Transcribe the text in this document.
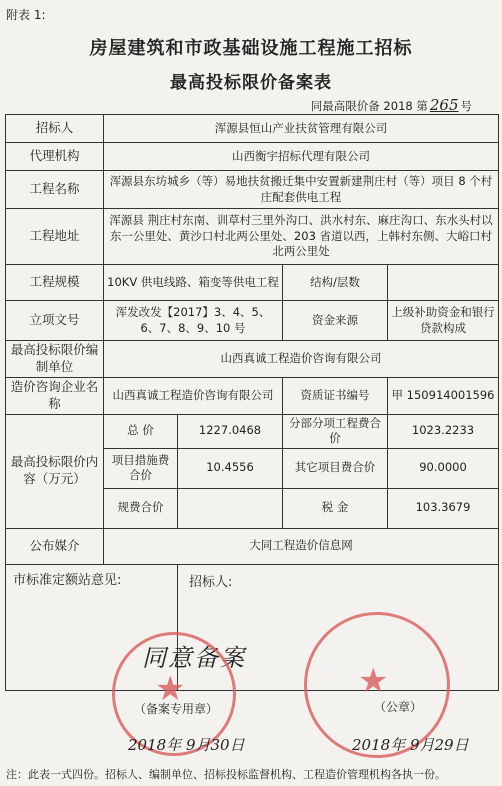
附表 1:
房屋建筑和市政基础设施工程施工招标
最高投标限价备案表
同最高限价备 2018 第 265 号
招标人	浑源县恒山产业扶贫管理有限公司			
代理机构	山西衡宇招标代理有限公司			
工程名称	浑源县东坊城乡（等）易地扶贫搬迁集中安置新建荆庄村（等）项目 8 个村庄配套供电工程			
工程地址	浑源县 荆庄村东南、训草村三里外沟口、洪水村东、麻庄沟口、东水头村以东一公里处、黄沙口村北两公里处、203 省道以西，上韩村东侧、大峪口村北两公里处			
工程规模	10KV 供电线路、箱变等供电工程		结构/层数	
立项文号	浑发改发【2017】3、4、5、6、7、8、9、10 号		资金来源	上级补助资金和银行贷款构成
最高投标限价编制单位	山西真诚工程造价咨询有限公司			
造价咨询企业名称	山西真诚工程造价咨询有限公司		资质证书编号	甲 150914001596
最高投标限价内容（万元）	总 价	1227.0468	分部分项工程费合价	1023.2233
	项目措施费合价	10.4556	其它项目费合价	90.0000
	规费合价		税 金	103.3679
公布媒介	大同工程造价信息网			

市标准定额站意见:		招标人:		
同意备案
★
（备案专用章）
2018年 9月30日
★
（公章）
2018年 9月29日
注：此表一式四份。招标人、编制单位、招标投标监督机构、工程造价管理机构各执一份。
